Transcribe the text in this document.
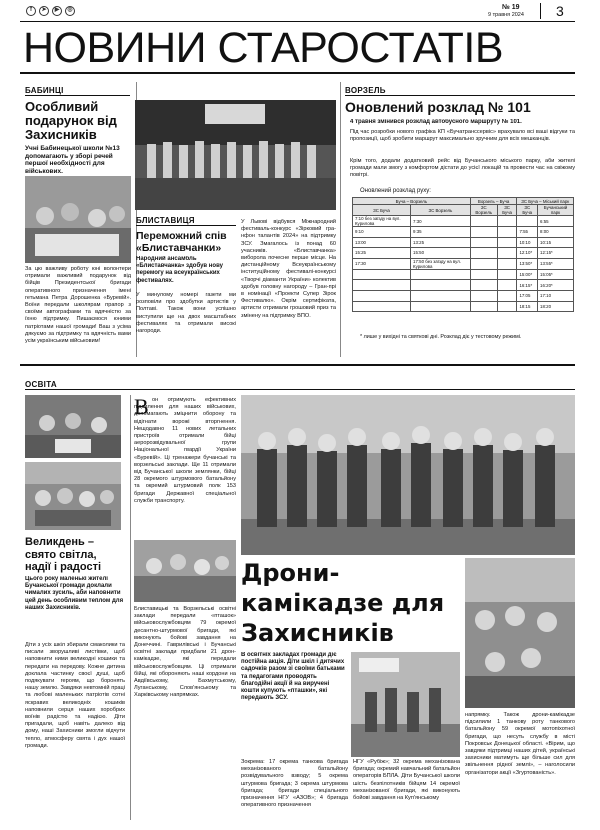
f	➤	▶	◎	№ 19
9 травня 2024 3
НОВИНИ СТАРОСТАТІВ
БАБИНЦІ
Особливий подарунок від Захисників
Учні Бабинецької школи №13 допомагають у зборі речей першої необхідності для військових.
За цю важливу роботу юні волонтери отримали важливий подарунок від бійців Президентської бригади оперативного призначення імені гетьмана Петра Дорошенка «Буревій». Воїни передали школярам прапор з своїми автографами та вдячністю за їхню підтримку. Пишаємося юними патріотами нашої громади! Ваш з усіма дякуємо за підтримку та вдячність вами усім українським військовим!
БЛИСТАВИЦЯ
Переможний спів «Блиставчанки»
Народний ансамбль «Блиставчанка» здобув нову перемогу на всеукраїнських фестивалях.
У минулому номері газети ми розповіли про здобутки артистів у Полтаві. Також вони успішно виступили ще на двох масштабних фестивалях та отримали високі нагороди.
У Львові відбувся Міжнародний фестиваль-конкурс «Зірковий гра-нфон талантів 2024» на підтримку ЗСУ. Змагалось із понад 60 учасників. «Блиставчанка» виборола почесне перше місце. На дистанційному Всеукраїнському інституційному фестивалі-конкурсі «Творчі діаманти України» колектив здобув головну нагороду – Гран-прі в номінації «Проекти Супер Зірок Фестивалю». Окрім сертифіката, артисти отримали грошовий приз та змінену на підтримку ВПО.
ВОРЗЕЛЬ
Оновлений розклад № 101
4 травня змінився розклад автобусного маршруту № 101.
Під час розробки нового графіка КП «Бучатранссервіс» врахувало всі ваші відгуки та пропозиції, щоб зробити маршрут максимально зручним для всіх мешканців.
Крім того, додали додатковий рейс від Бучанського міського парку, аби жителі громади мали змогу з комфортом дістати до усієї локацій та провести час на свіжому повітрі.
Оновлений розклад руху:
Буча – Ворзель		Ворзель – Буча		ЗС Буча – Міський парк	
ЗС Буча	ЗС Ворзель	ЗС Ворзель	ЗС Буча	ЗС Буча	Бучанський парк
7:10 без заїзду на вул. Курилова	7:30				6:55
9:10	9:35			7:55	8:00
13:00	13:25			10:10	10:15
15:25	15:50			12:10*	12:15*
17:30	17:50 без заїзду на вул. Курилова			13:50*	13:55*
				15:00*	15:05*
				16:15*	16:20*
				17:05	17:10
				18:15	18:20
* лише у вихідні та святкові дні. Розклад діє у тестовому режимі.
ОСВІТА
Великдень – свято світла, надії і радості
Цього року маленькі жителі Бучанської громади доклали чималих зусиль, аби наповнити цей день особливим теплом для наших Захисників.
Діти з усіх шкіл збирали смаколики та писали зворушливі листівки, щоб наповнити ними великодні кошики та передати на передову. Кожне дитина доклала частинку своєї душі, щоб подякувати героям, що боронять нашу землю. Завдяки невтомній праці та любові маленьких патріотів сотні яскравих великодніх кошиків наповнили серця наших хоробрих воїнів радістю та надією. Діти пригадали, щоб навіть далеко від дому, наші Захисники змогли відчути тепло, атмосферу свята і дух нашої громади.
В он отримують ефективних підсилення для наших військових, допомагають зміцнити оборону та відігнати ворожі вторгнення. Нещодавно 11 нових летальних пристроїв отримали бійці аеророзвідувальної групи Національної гвардії України «Буревій». Ці тренажери бучанські та ворзельські заклади. Ще 11 отримали від Бучанської школи землянки, бійці 28 окремого штурмового батальйону та окремий штурмовий полк 153 бригади Державної спеціальної служби транспорту.
Блиставицькі та Ворзельські освітні заклади передали «пташок» військовослужбовцям 79 окремої десантно-штурмової бригади, які виконують бойові завдання на Донеччині. Гаврилівські і Бучанські освітні заклади придбали 21 дрон-камікадзе, які передали військовослужбовцям. Ці отримали бійці, які обороняють наші кордони на Авдіївському, Бахмутському, Луганському, Слов'янському та Харківському напрямках.
Дрони-камікадзе для Захисників
В освітніх закладах громади діє постійна акція. Діти шкіл і дитячих садочків разом зі своїми батьками та педагогами проводять благодійні акції й на виручені кошти купують «пташки», які передають ЗСУ.
Зокрема: 17 окрема танкова бригада механізованого батальйону розвідувального взводу; 5 окрема штурмова бригада; 3 окрема штурмова бригада; бригади спеціального призначення НГУ «АЗОВ»; 4 бригада оперативного призначення
НГУ «Рубіж»; 32 окрема механізована бригада; окремий навчальний батальйон операторів БПЛА. Діти Бучанської школи шість безпілотників бійцям 14 окремої механізованої бригади, які виконують бойові завдання на Куп'янському
напрямку. Також дрони-камікадзе підсилили 1 танкову роту танкового батальйону 59 окремої мотопіхотної бригади, що несуть службу в місті Покровськ Донецької області. «Вірим, що завдяки підтримці наших дітей, українські захисники матимуть ще більше сил для звільнення рідної землі», – наголосили організатори акції «Згуртованість».
